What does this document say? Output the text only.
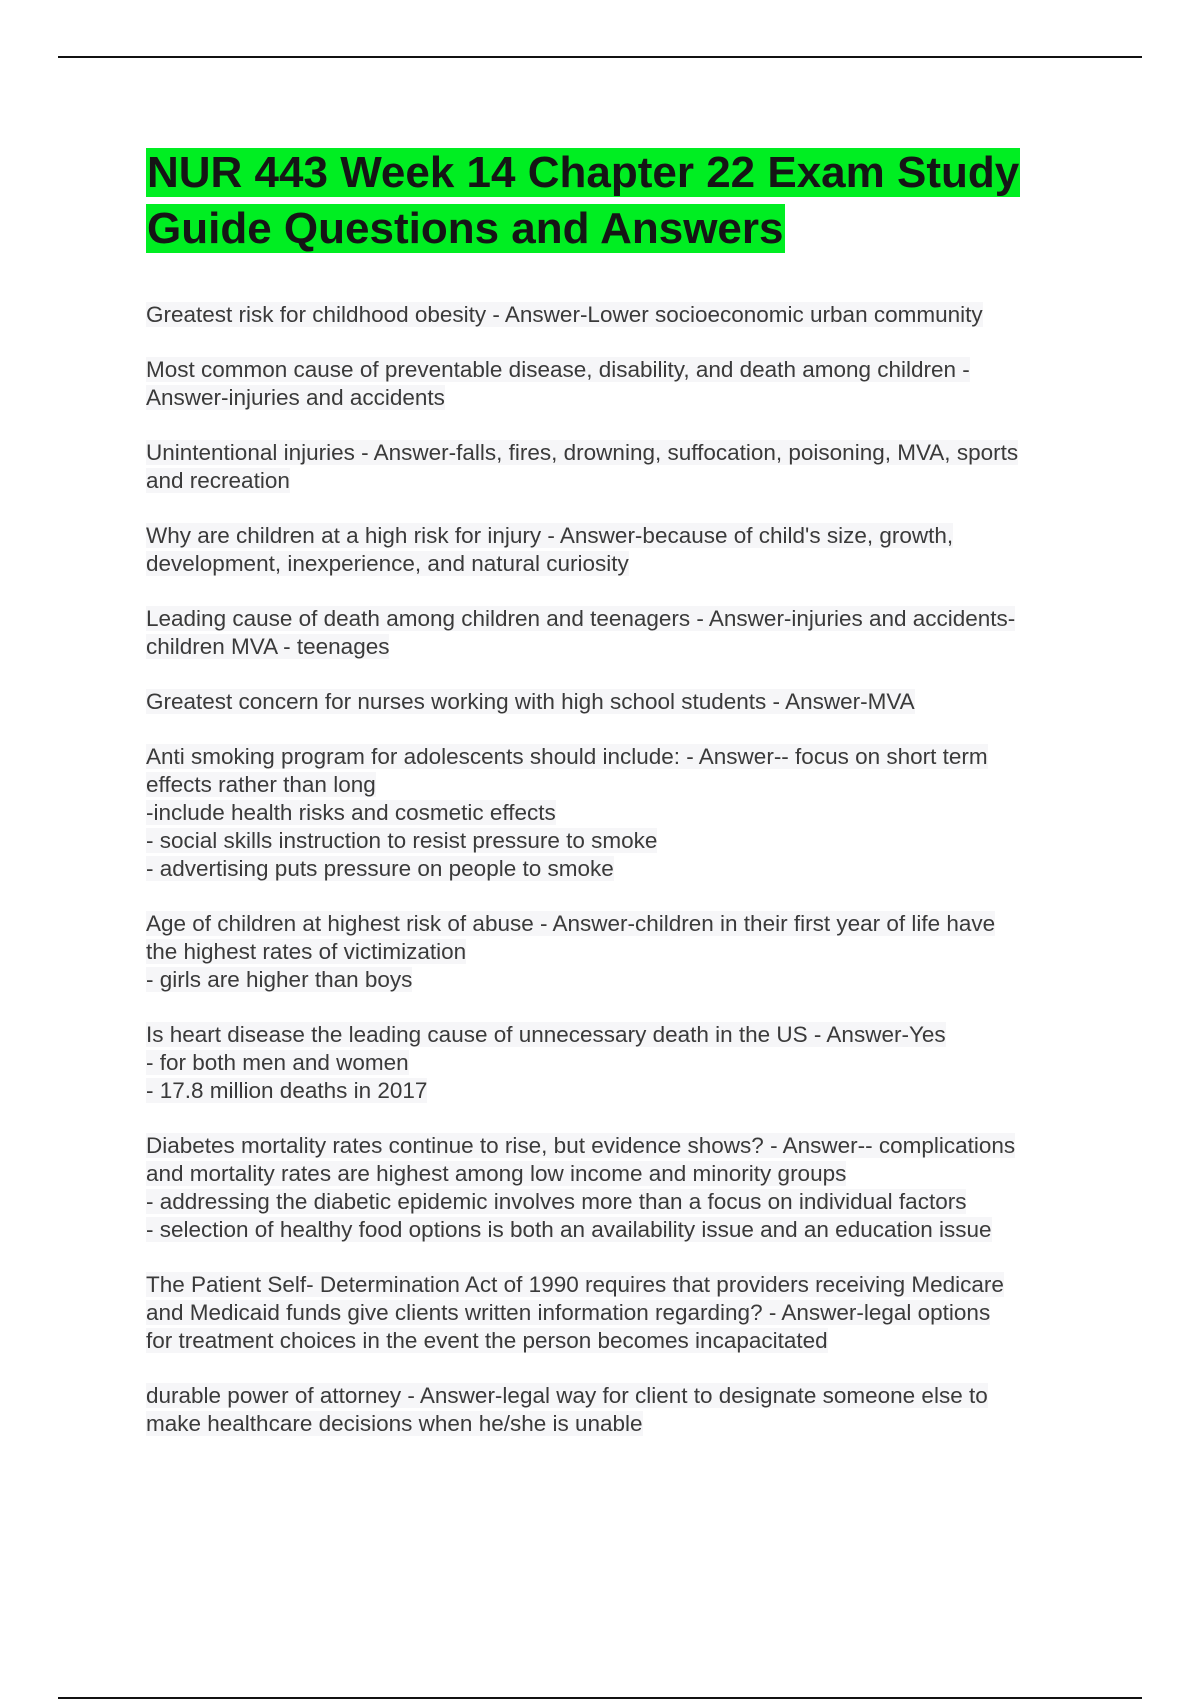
NUR 443 Week 14 Chapter 22 Exam Study Guide Questions and Answers
Greatest risk for childhood obesity - Answer-Lower socioeconomic urban community
Most common cause of preventable disease, disability, and death among children -
Answer-injuries and accidents
Unintentional injuries - Answer-falls, fires, drowning, suffocation, poisoning, MVA, sports
and recreation
Why are children at a high risk for injury - Answer-because of child's size, growth,
development, inexperience, and natural curiosity
Leading cause of death among children and teenagers - Answer-injuries and accidents-
children MVA - teenages
Greatest concern for nurses working with high school students - Answer-MVA
Anti smoking program for adolescents should include: - Answer-- focus on short term
effects rather than long
-include health risks and cosmetic effects
- social skills instruction to resist pressure to smoke
- advertising puts pressure on people to smoke
Age of children at highest risk of abuse - Answer-children in their first year of life have
the highest rates of victimization
- girls are higher than boys
Is heart disease the leading cause of unnecessary death in the US - Answer-Yes
- for both men and women
- 17.8 million deaths in 2017
Diabetes mortality rates continue to rise, but evidence shows? - Answer-- complications
and mortality rates are highest among low income and minority groups
- addressing the diabetic epidemic involves more than a focus on individual factors
- selection of healthy food options is both an availability issue and an education issue
The Patient Self- Determination Act of 1990 requires that providers receiving Medicare
and Medicaid funds give clients written information regarding? - Answer-legal options
for treatment choices in the event the person becomes incapacitated
durable power of attorney - Answer-legal way for client to designate someone else to
make healthcare decisions when he/she is unable
